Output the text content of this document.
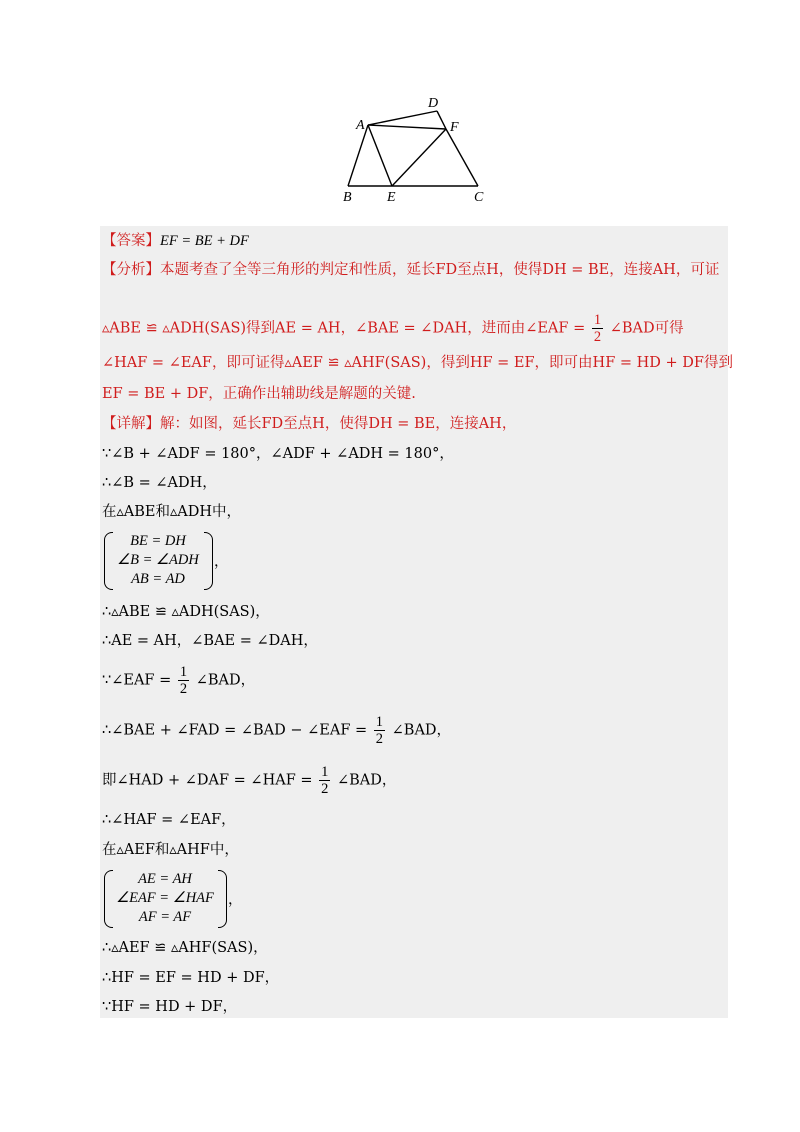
A
D
F
B	E	C
【答案】EF = BE + DF
【分析】本题考查了全等三角形的判定和性质，延长FD至点H，使得DH = BE，连接AH，可证
▵ABE ≌ ▵ADH(SAS)得到AE = AH，∠BAE = ∠DAH，进而由∠EAF = $\frac{1}{2}$ ∠BAD可得
∠HAF = ∠EAF，即可证得▵AEF ≌ ▵AHF(SAS)，得到HF = EF，即可由HF = HD + DF得到
EF = BE + DF，正确作出辅助线是解题的关键.
【详解】解：如图，延长FD至点H，使得DH = BE，连接AH，
∵∠B + ∠ADF = 180°，∠ADF + ∠ADH = 180°，
∴∠B = ∠ADH，
在▵ABE和▵ADH中，
BE = DH
∠B = ∠ADH
AB = AD
，
∴▵ABE ≌ ▵ADH(SAS)，
∴AE = AH，∠BAE = ∠DAH，
∵∠EAF = $\frac{1}{2}$ ∠BAD，
∴∠BAE + ∠FAD = ∠BAD − ∠EAF = $\frac{1}{2}$ ∠BAD，
即∠HAD + ∠DAF = ∠HAF = $\frac{1}{2}$ ∠BAD，
∴∠HAF = ∠EAF，
在▵AEF和▵AHF中，
AE = AH
∠EAF = ∠HAF
AF = AF
，
∴▵AEF ≌ ▵AHF(SAS)，
∴HF = EF = HD + DF，
∵HF = HD + DF，
